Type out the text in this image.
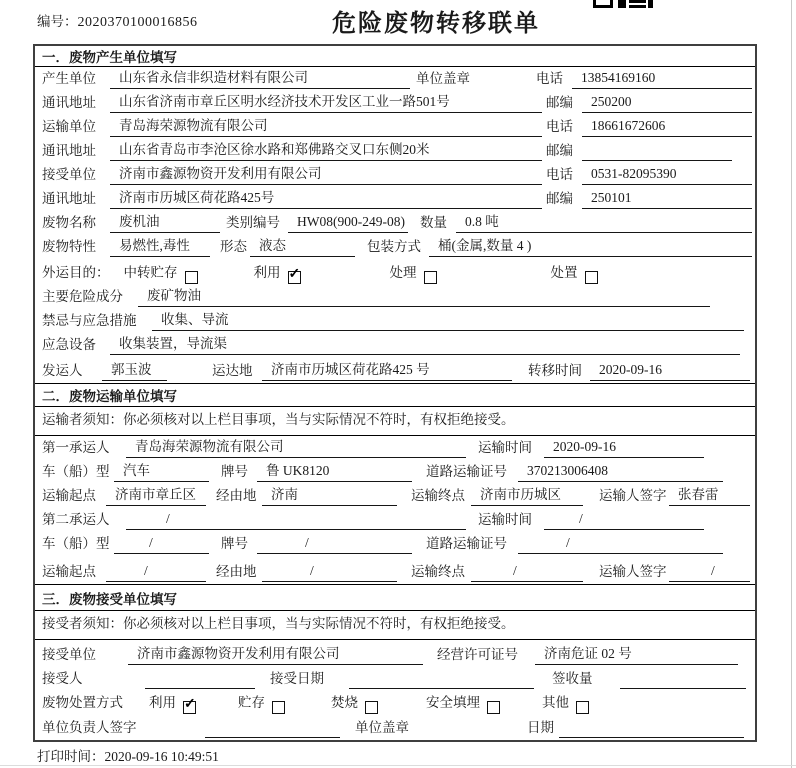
编号：2020370100016856	危险废物转移联单
一．废物产生单位填写
产生单位	山东省永信非织造材料有限公司	单位盖章	电话	13854169160
通讯地址	山东省济南市章丘区明水经济技术开发区工业一路501号	邮编	250200
运输单位	青岛海荣源物流有限公司	电话	18661672606
通讯地址	山东省青岛市李沧区徐水路和郑佛路交叉口东侧20米	邮编
接受单位	济南市鑫源物资开发利用有限公司	电话	0531-82095390
通讯地址	济南市历城区荷花路425号	邮编	250101
废物名称	废机油	类别编号	HW08(900-249-08) 数量	0.8 吨
废物特性	易燃性,毒性	形态 液态	包装方式	桶(金属,数量 4 )
外运目的： 中转贮存	利用 ✓	处理	处置
主要危险成分	废矿物油
禁忌与应急措施	收集、导流
应急设备	收集装置，导流渠
发运人	郭玉波	运达地	济南市历城区荷花路425 号	转移时间	2020-09-16
二．废物运输单位填写
运输者须知：你必须核对以上栏目事项，当与实际情况不符时，有权拒绝接受。
第一承运人	青岛海荣源物流有限公司	运输时间	2020-09-16
车（船）型	汽车	牌号	鲁 UK8120	道路运输证号	370213006408
运输起点	济南市章丘区	经由地	济南	运输终点	济南市历城区	运输人签字 张春雷
第二承运人	/	运输时间	/
车（船）型	/	牌号	/	道路运输证号	/
运输起点	/	经由地	/	运输终点	/	运输人签字	/
三．废物接受单位填写
接受者须知：你必须核对以上栏目事项，当与实际情况不符时，有权拒绝接受。
接受单位	济南市鑫源物资开发利用有限公司	经营许可证号	济南危证 02 号
接受人	接受日期	签收量
废物处置方式 利用 ✓	贮存	焚烧	安全填埋	其他
单位负责人签字	单位盖章	日期
打印时间：2020-09-16 10:49:51
